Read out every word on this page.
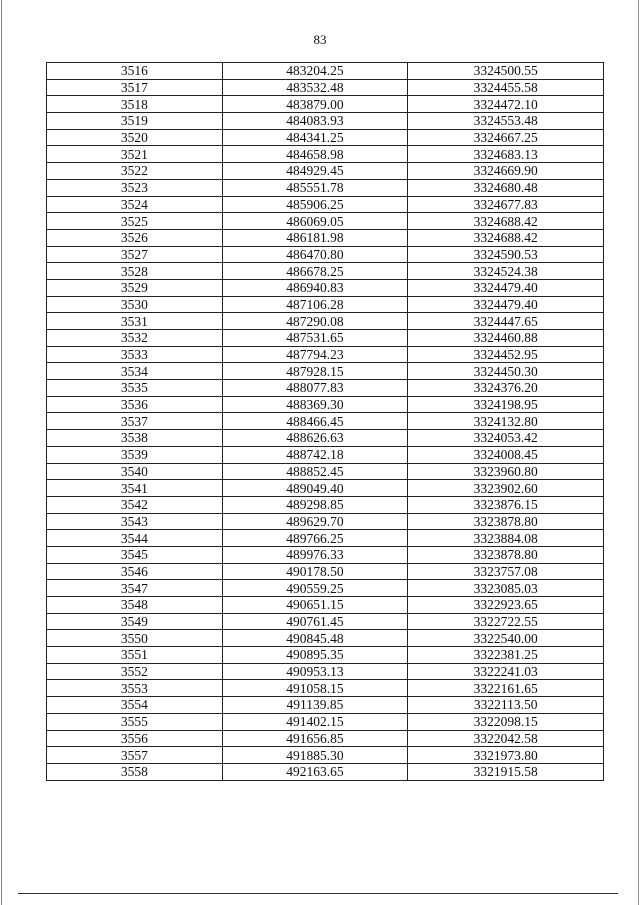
83
3516	483204.25	3324500.55
3517	483532.48	3324455.58
3518	483879.00	3324472.10
3519	484083.93	3324553.48
3520	484341.25	3324667.25
3521	484658.98	3324683.13
3522	484929.45	3324669.90
3523	485551.78	3324680.48
3524	485906.25	3324677.83
3525	486069.05	3324688.42
3526	486181.98	3324688.42
3527	486470.80	3324590.53
3528	486678.25	3324524.38
3529	486940.83	3324479.40
3530	487106.28	3324479.40
3531	487290.08	3324447.65
3532	487531.65	3324460.88
3533	487794.23	3324452.95
3534	487928.15	3324450.30
3535	488077.83	3324376.20
3536	488369.30	3324198.95
3537	488466.45	3324132.80
3538	488626.63	3324053.42
3539	488742.18	3324008.45
3540	488852.45	3323960.80
3541	489049.40	3323902.60
3542	489298.85	3323876.15
3543	489629.70	3323878.80
3544	489766.25	3323884.08
3545	489976.33	3323878.80
3546	490178.50	3323757.08
3547	490559.25	3323085.03
3548	490651.15	3322923.65
3549	490761.45	3322722.55
3550	490845.48	3322540.00
3551	490895.35	3322381.25
3552	490953.13	3322241.03
3553	491058.15	3322161.65
3554	491139.85	3322113.50
3555	491402.15	3322098.15
3556	491656.85	3322042.58
3557	491885.30	3321973.80
3558	492163.65	3321915.58
